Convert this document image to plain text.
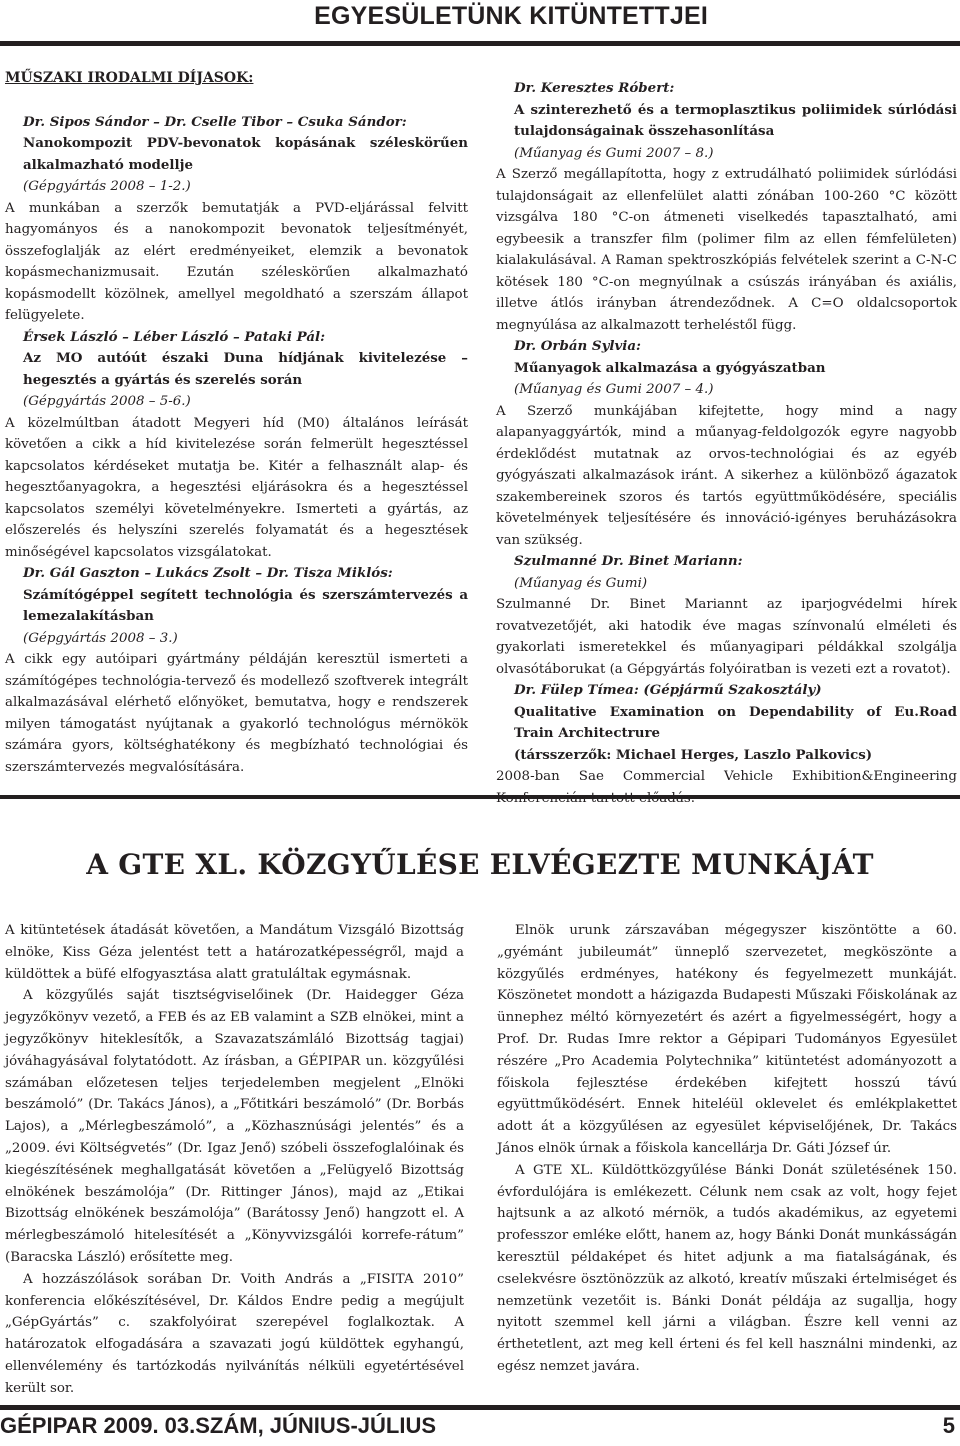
EGYESÜLETÜNK KITÜNTETTJEI

MŰSZAKI IRODALMI DÍJASOK:

Dr. Sipos Sándor – Dr. Cselle Tibor – Csuka Sándor:

Nanokompozit PDV-bevonatok kopásának széleskörűen alkalmazható modellje

(Gépgyártás 2008 – 1-2.)

A munkában a szerzők bemutatják a PVD-eljárással felvitt hagyományos és a nanokompozit bevonatok teljesítményét, összefoglalják az elért eredményeiket, elemzik a bevonatok kopásmechanizmusait. Ezután széleskörűen alkalmazható kopásmodellt közölnek, amellyel megoldható a szerszám állapot felügyelete.

Érsek László – Léber László – Pataki Pál:

Az MO autóút északi Duna hídjának kivitelezése – hegesztés a gyártás és szerelés során

(Gépgyártás 2008 – 5-6.)

A közelmúltban átadott Megyeri híd (M0) általános leírását követően a cikk a híd kivitelezése során felmerült hegesztéssel kapcsolatos kérdéseket mutatja be. Kitér a felhasznált alap- és hegesztőanyagokra, a hegesztési eljárásokra és a hegesztéssel kapcsolatos személyi követelményekre. Ismerteti a gyártás, az előszerelés és helyszíni szerelés folyamatát és a hegesztések minőségével kapcsolatos vizsgálatokat.

Dr. Gál Gaszton – Lukács Zsolt – Dr. Tisza Miklós:

Számítógéppel segített technológia és szerszámtervezés a lemezalakításban

(Gépgyártás 2008 – 3.)

A cikk egy autóipari gyártmány példáján keresztül ismerteti a számítógépes technológia-tervező és modellező szoftverek integrált alkalmazásával elérhető előnyöket, bemutatva, hogy e rendszerek milyen támogatást nyújtanak a gyakorló technológus mérnökök számára gyors, költséghatékony és megbízható technológiai és szerszámtervezés megvalósítására.

Dr. Keresztes Róbert:

A szinterezhető és a termoplasztikus poliimidek súrlódási tulajdonságainak összehasonlítása

(Műanyag és Gumi 2007 – 8.)

A Szerző megállapította, hogy z extrudálható poliimidek súrlódási tulajdonságait az ellenfelület alatti zónában 100-260 °C között vizsgálva 180 °C-on átmeneti viselkedés tapasztalható, ami egybeesik a transzfer film (polimer film az ellen fémfelületen) kialakulásával. A Raman spektroszkópiás felvételek szerint a C-N-C kötések 180 °C-on megnyúlnak a csúszás irányában és axiális, illetve átlós irányban átrendeződnek. A C=O oldalcsoportok megnyúlása az alkalmazott terheléstől függ.

Dr. Orbán Sylvia:

Műanyagok alkalmazása a gyógyászatban

(Műanyag és Gumi 2007 – 4.)

A Szerző munkájában kifejtette, hogy mind a nagy alapanyaggyártók, mind a műanyag-feldolgozók egyre nagyobb érdeklődést mutatnak az orvos-technológiai és az egyéb gyógyászati alkalmazások iránt. A sikerhez a különböző ágazatok szakembereinek szoros és tartós együttműködésére, speciális követelmények teljesítésére és innováció-igényes beruházásokra van szükség.

Szulmanné Dr. Binet Mariann:

(Műanyag és Gumi)

Szulmanné Dr. Binet Mariannt az iparjogvédelmi hírek rovatvezetőjét, aki hatodik éve magas színvonalú elméleti és gyakorlati ismeretekkel és műanyagipari példákkal szolgálja olvasótáborukat (a Gépgyártás folyóiratban is vezeti ezt a rovatot).

Dr. Fülep Tímea: (Gépjármű Szakosztály)

Qualitative Examination on Dependability of Eu.Road Train Architectrure

(társszerzők: Michael Herges, Laszlo Palkovics)

2008-ban Sae Commercial Vehicle Exhibition&Engineering

A GTE XL. KÖZGYŰLÉSE ELVÉGEZTE MUNKÁJÁT

A kitüntetések átadását követően, a Mandátum Vizsgáló Bizottság elnöke, Kiss Géza jelentést tett a határozatképességről, majd a küldöttek a büfé elfogyasztása alatt gratuláltak egymásnak.

A közgyűlés saját tisztségviselőinek (Dr. Haidegger Géza jegyzőkönyv vezető, a FEB és az EB valamint a SZB elnökei, mint a jegyzőkönyv hiteklesítők, a Szavazatszámláló Bizottság tagjai) jóváhagyásával folytatódott. Az írásban, a GÉPIPAR un. közgyűlési számában előzetesen teljes terjedelemben megjelent „Elnöki beszámoló” (Dr. Takács János), a „Főtitkári beszámoló” (Dr. Borbás Lajos), a „Mérlegbeszámoló”, a „Közhasznúsági jelentés” és a „2009. évi Költségvetés” (Dr. Igaz Jenő) szóbeli összefoglalóinak és kiegészítésének meghallgatását követően a „Felügyelő Bizottság elnökének beszámolója” (Dr. Rittinger János), majd az „Etikai Bizottság elnökének beszámolója” (Barátossy Jenő) hangzott el. A mérlegbeszámoló hitelesítését a „Könyvvizsgálói korrefe-rátum” (Baracska László) erősítette meg.

A hozzászólások sorában Dr. Voith András a „FISITA 2010” konferencia előkészítésével, Dr. Káldos Endre pedig a megújult „GépGyártás” c. szakfolyóirat szerepével foglalkoztak. A határozatok elfogadására a szavazati jogú küldöttek egyhangú, ellenvélemény és tartózkodás nyilvánítás nélküli egyetértésével került sor.

Elnök urunk zárszavában mégegyszer kiszöntötte a 60. „gyémánt jubileumát” ünneplő szervezetet, megköszönte a közgyűlés erdményes, hatékony és fegyelmezett munkáját. Köszönetet mondott a házigazda Budapesti Műszaki Főiskolának az ünnephez méltó környezetért és azért a figyelmességért, hogy a Prof. Dr. Rudas Imre rektor a Gépipari Tudományos Egyesület részére „Pro Academia Polytechnika” kitüntetést adományozott a főiskola fejlesztése érdekében kifejtett hosszú távú együttműködésért. Ennek hiteléül oklevelet és emlékplakettet adott át a közgyűlésen az egyesület képviselőjének, Dr. Takács János elnök úrnak a főiskola kancellárja Dr. Gáti József úr.

A GTE XL. Küldöttközgyűlése Bánki Donát születésének 150. évfordulójára is emlékezett. Célunk nem csak az volt, hogy fejet hajtsunk a az alkotó mérnök, a tudós akadémikus, az egyetemi professzor emléke előtt, hanem az, hogy Bánki Donát munkásságán keresztül példaképet és hitet adjunk a ma fiatalságának, és cselekvésre ösztönözzük az alkotó, kreatív műszaki értelmiséget és nemzetünk vezetőit is. Bánki Donát példája az sugallja, hogy nyitott szemmel kell járni a világban. Észre kell venni az érthetetlent, azt meg kell érteni és fel kell használni mindenki, az egész nemzet javára.

GÉPIPAR 2009. 03.SZÁM, JÚNIUS-JÚLIUS	5
